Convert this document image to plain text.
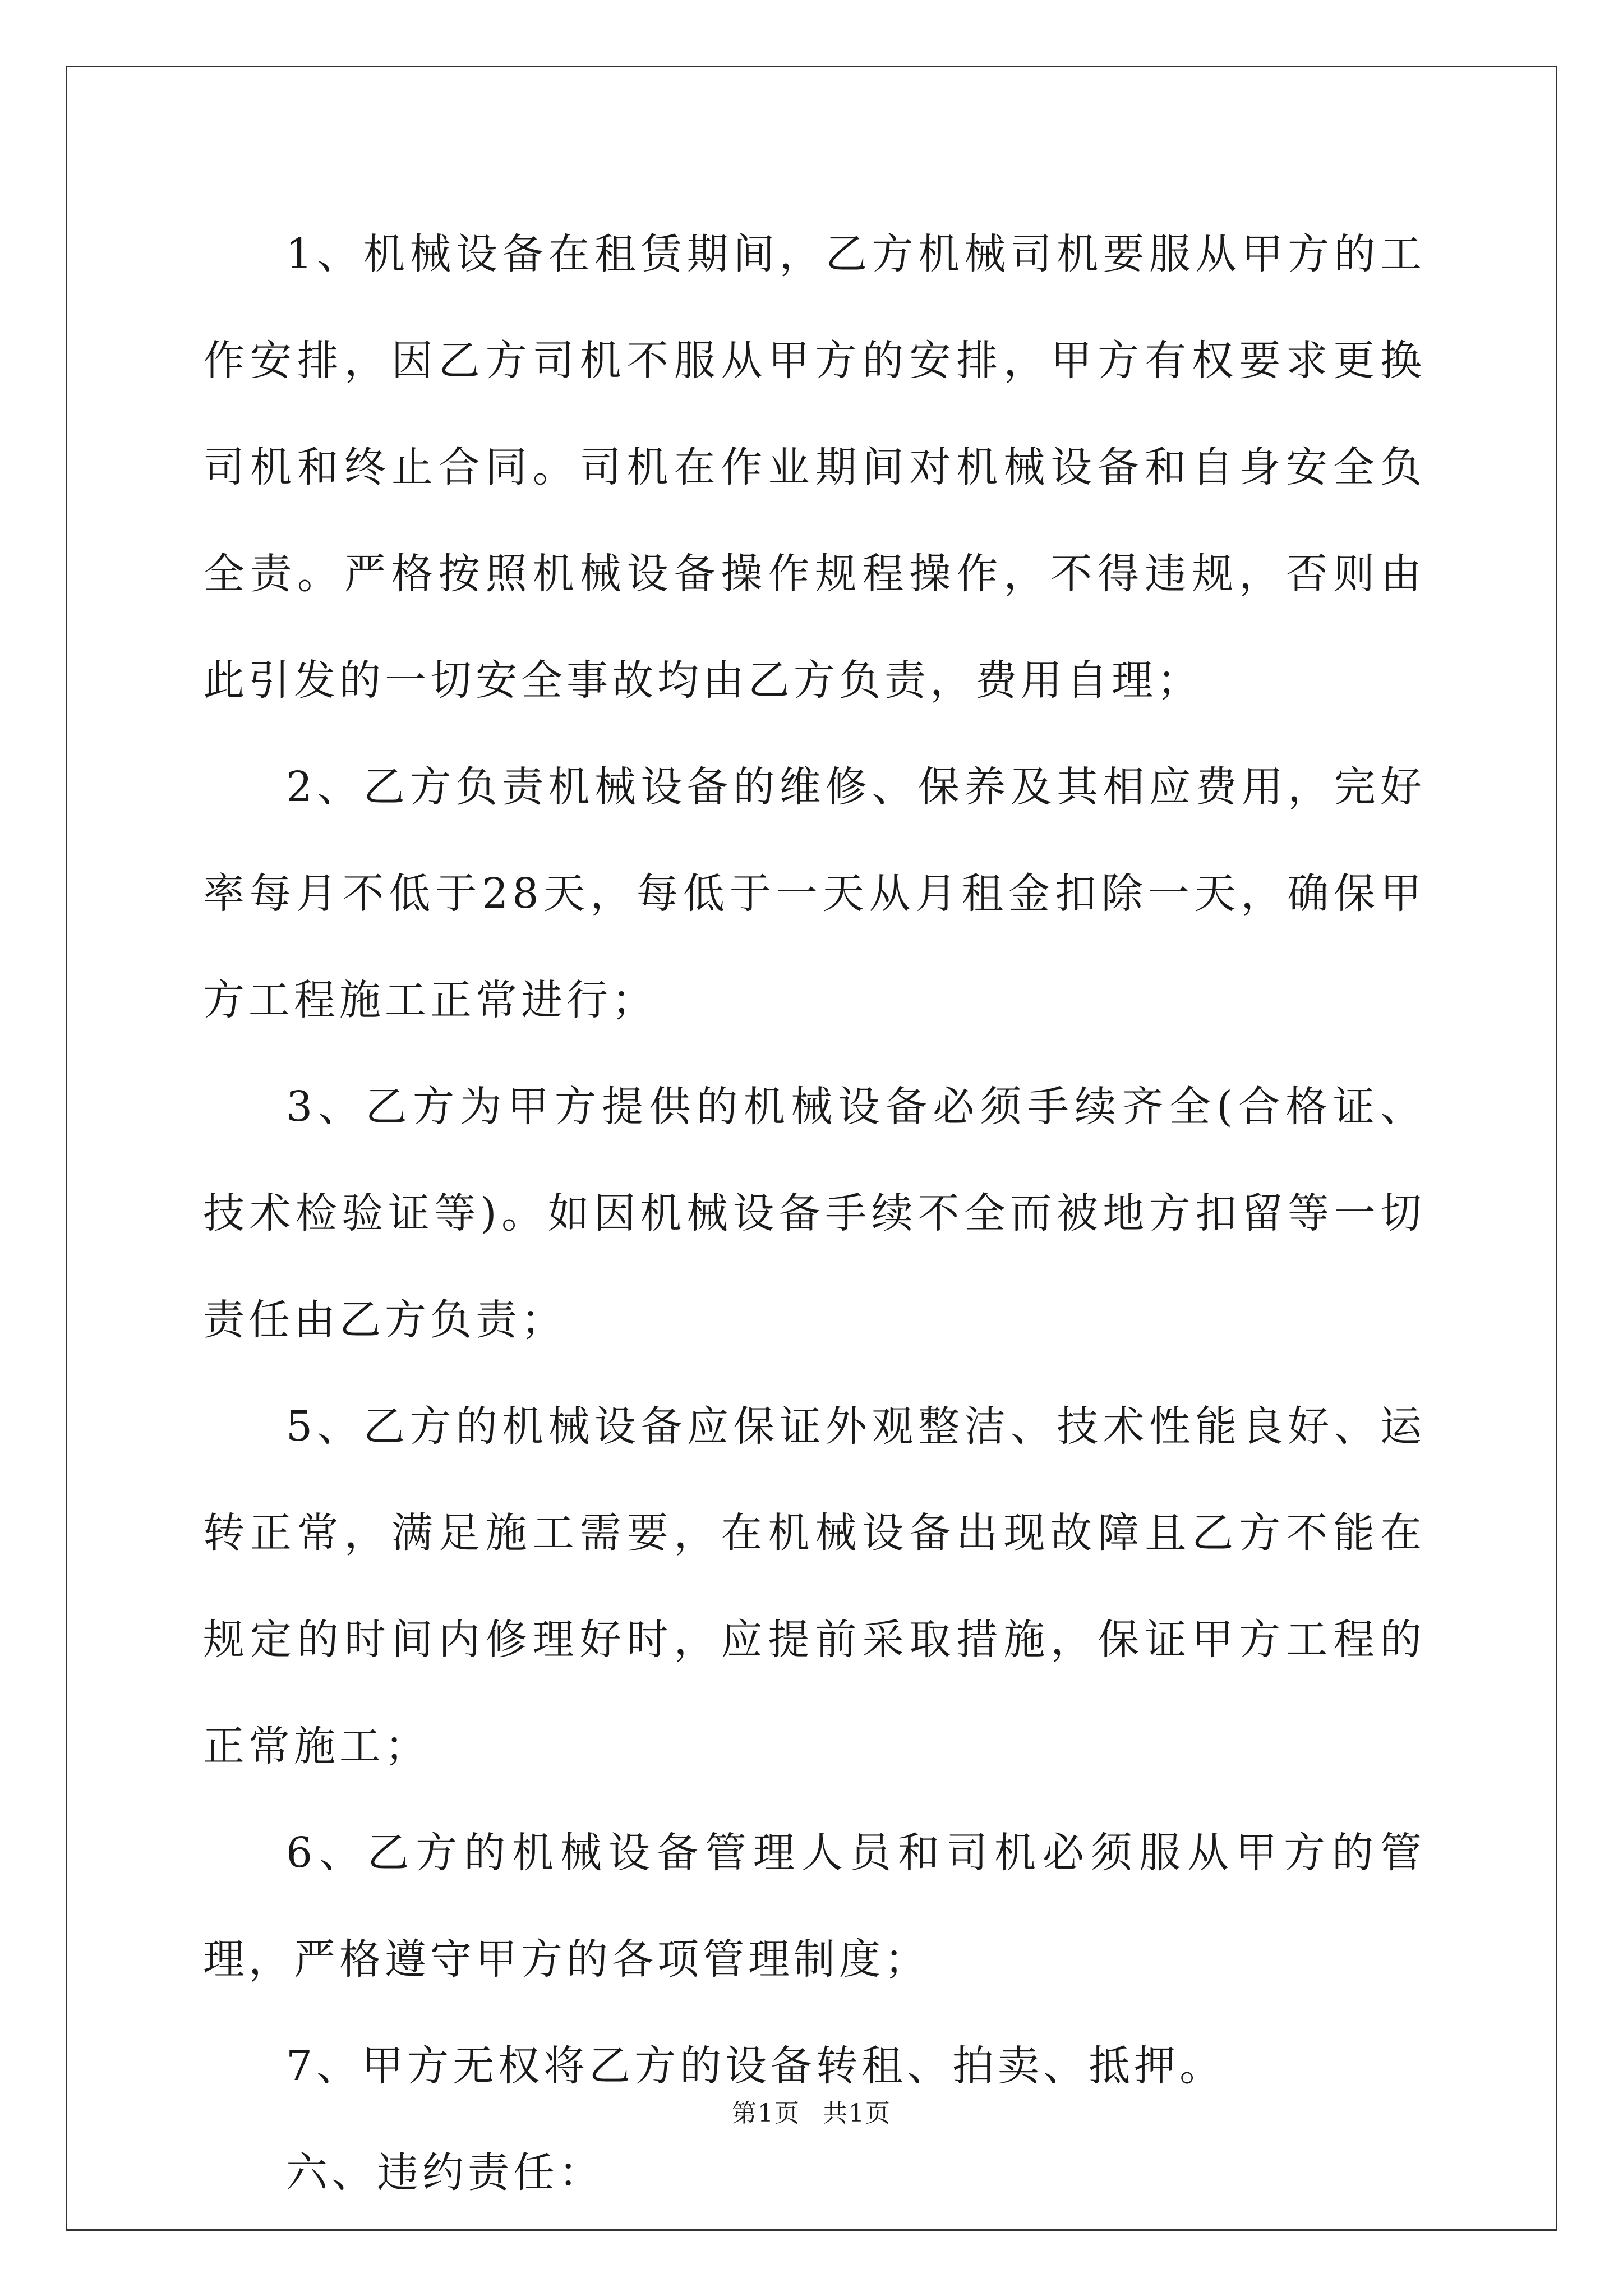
1、机械设备在租赁期间，乙方机械司机要服从甲方的工作安排，因乙方司机不服从甲方的安排，甲方有权要求更换司机和终止合同。司机在作业期间对机械设备和自身安全负全责。严格按照机械设备操作规程操作，不得违规，否则由此引发的一切安全事故均由乙方负责，费用自理；

2、乙方负责机械设备的维修、保养及其相应费用，完好率每月不低于28天，每低于一天从月租金扣除一天，确保甲方工程施工正常进行；

3、乙方为甲方提供的机械设备必须手续齐全(合格证、技术检验证等)。如因机械设备手续不全而被地方扣留等一切责任由乙方负责；

5、乙方的机械设备应保证外观整洁、技术性能良好、运转正常，满足施工需要，在机械设备出现故障且乙方不能在规定的时间内修理好时，应提前采取措施，保证甲方工程的正常施工；

6、乙方的机械设备管理人员和司机必须服从甲方的管理，严格遵守甲方的各项管理制度；

7、甲方无权将乙方的设备转租、拍卖、抵押。

六、违约责任：

第1页 共1页
